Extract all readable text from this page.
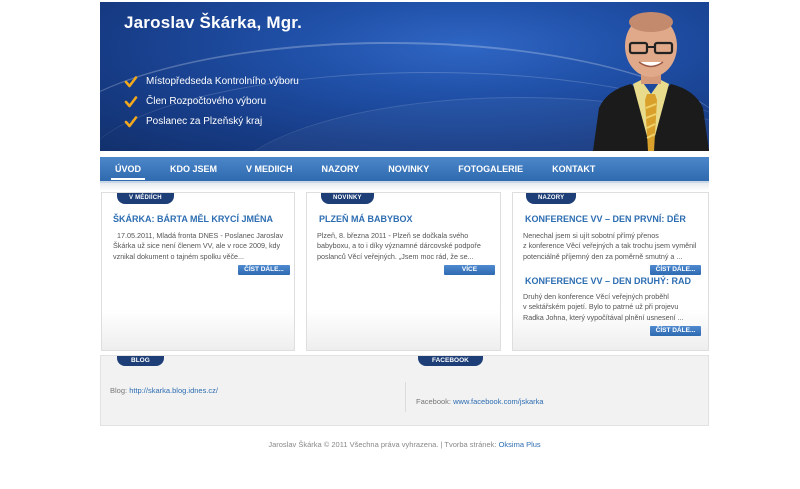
Jaroslav Škárka, Mgr.
Místopředseda Kontrolního výboru
Člen Rozpočtového výboru
Poslanec za Plzeňský kraj
ÚVOD	KDO JSEM	V MEDIICH	NAZORY	NOVINKY	FOTOGALERIE	KONTAKT
V MÉDIÍCH
ŠKÁRKA: BÁRTA MĚL KRYCÍ JMÉNA
17.05.2011, Mladá fronta DNES - Poslanec Jaroslav
Škárka už sice není členem VV, ale v roce 2009, kdy
vznikal dokument o tajném spolku věče...
ČÍST DÁLE...
NOVINKY
PLZEŇ MÁ BABYBOX
Plzeň, 8. března 2011 - Plzeň se dočkala svého
babyboxu, a to i díky významné dárcovské podpoře
poslanců Věcí veřejných. „Jsem moc rád, že se...
VÍCE
NAZORY
KONFERENCE VV – DEN PRVNÍ: DĚR
Nenechal jsem si ujít sobotní přímý přenos
z konference Věcí veřejných a tak trochu jsem vyměnil
potenciálně příjemný den za poměrně smutný a ...
ČÍST DÁLE...
KONFERENCE VV – DEN DRUHÝ: RAD
Druhý den konference Věcí veřejných proběhl
v sektářském pojetí. Bylo to patrné už při projevu
Radka Johna, který vypočítával plnění usnesení ...
ČÍST DÁLE...
BLOG	FACEBOOK
Blog: http://skarka.blog.idnes.cz/
Facebook: www.facebook.com/jskarka
Jaroslav Škárka © 2011 Všechna práva vyhrazena. | Tvorba stránek: Oksima Plus
